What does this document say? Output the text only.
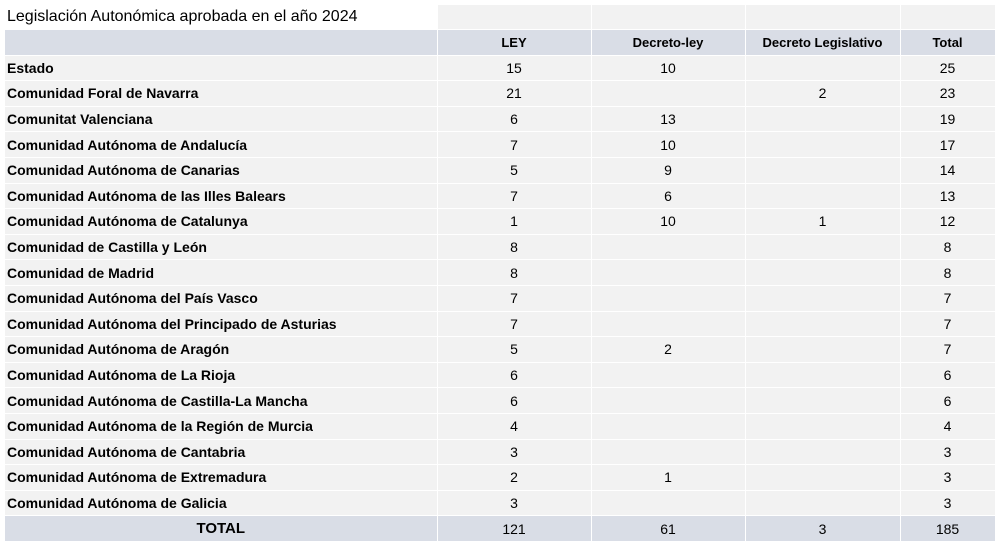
Legislación Autonómica aprobada en el año 2024				
	LEY	Decreto-ley	Decreto Legislativo	Total
Estado	15	10		25
Comunidad Foral de Navarra	21		2	23
Comunitat Valenciana	6	13		19
Comunidad Autónoma de Andalucía	7	10		17
Comunidad Autónoma de Canarias	5	9		14
Comunidad Autónoma de las Illes Balears	7	6		13
Comunidad Autónoma de Catalunya	1	10	1	12
Comunidad de Castilla y León	8			8
Comunidad de Madrid	8			8
Comunidad Autónoma del País Vasco	7			7
Comunidad Autónoma del Principado de Asturias	7			7
Comunidad Autónoma de Aragón	5	2		7
Comunidad Autónoma de La Rioja	6			6
Comunidad Autónoma de Castilla-La Mancha	6			6
Comunidad Autónoma de la Región de Murcia	4			4
Comunidad Autónoma de Cantabria	3			3
Comunidad Autónoma de Extremadura	2	1		3
Comunidad Autónoma de Galicia	3			3
TOTAL	121	61	3	185
